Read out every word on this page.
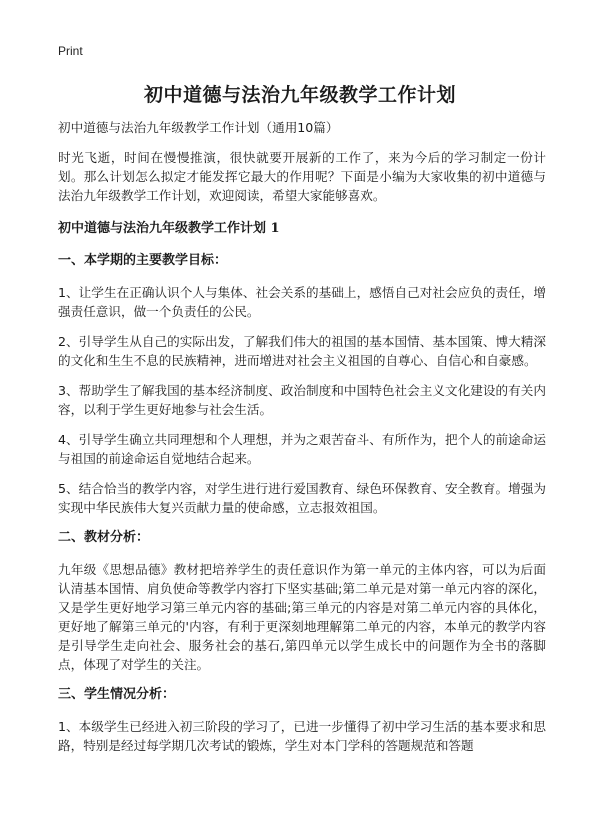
Print
初中道德与法治九年级教学工作计划
初中道德与法治九年级教学工作计划（通用10篇）

时光飞逝，时间在慢慢推演，很快就要开展新的工作了，来为今后的学习制定一份计划。那么计划怎么拟定才能发挥它最大的作用呢？下面是小编为大家收集的初中道德与法治九年级教学工作计划，欢迎阅读，希望大家能够喜欢。

初中道德与法治九年级教学工作计划 1
一、本学期的主要教学目标：

1、让学生在正确认识个人与集体、社会关系的基础上，感悟自己对社会应负的责任，增强责任意识，做一个负责任的公民。

2、引导学生从自己的实际出发，了解我们伟大的祖国的基本国情、基本国策、博大精深的文化和生生不息的民族精神，进而增进对社会主义祖国的自尊心、自信心和自豪感。

3、帮助学生了解我国的基本经济制度、政治制度和中国特色社会主义文化建设的有关内容，以利于学生更好地参与社会生活。

4、引导学生确立共同理想和个人理想，并为之艰苦奋斗、有所作为，把个人的前途命运与祖国的前途命运自觉地结合起来。

5、结合恰当的教学内容，对学生进行进行爱国教育、绿色环保教育、安全教育。增强为实现中华民族伟大复兴贡献力量的使命感，立志报效祖国。

二、教材分析：

九年级《思想品德》教材把培养学生的责任意识作为第一单元的主体内容，可以为后面认清基本国情、肩负使命等教学内容打下坚实基础;第二单元是对第一单元内容的深化，又是学生更好地学习第三单元内容的基础;第三单元的内容是对第二单元内容的具体化，更好地了解第三单元的'内容，有利于更深刻地理解第二单元的内容，本单元的教学内容是引导学生走向社会、服务社会的基石,第四单元以学生成长中的问题作为全书的落脚点，体现了对学生的关注。

三、学生情况分析：

1、本级学生已经进入初三阶段的学习了，已进一步懂得了初中学习生活的基本要求和思路，特别是经过每学期几次考试的锻炼，学生对本门学科的答题规范和答题
